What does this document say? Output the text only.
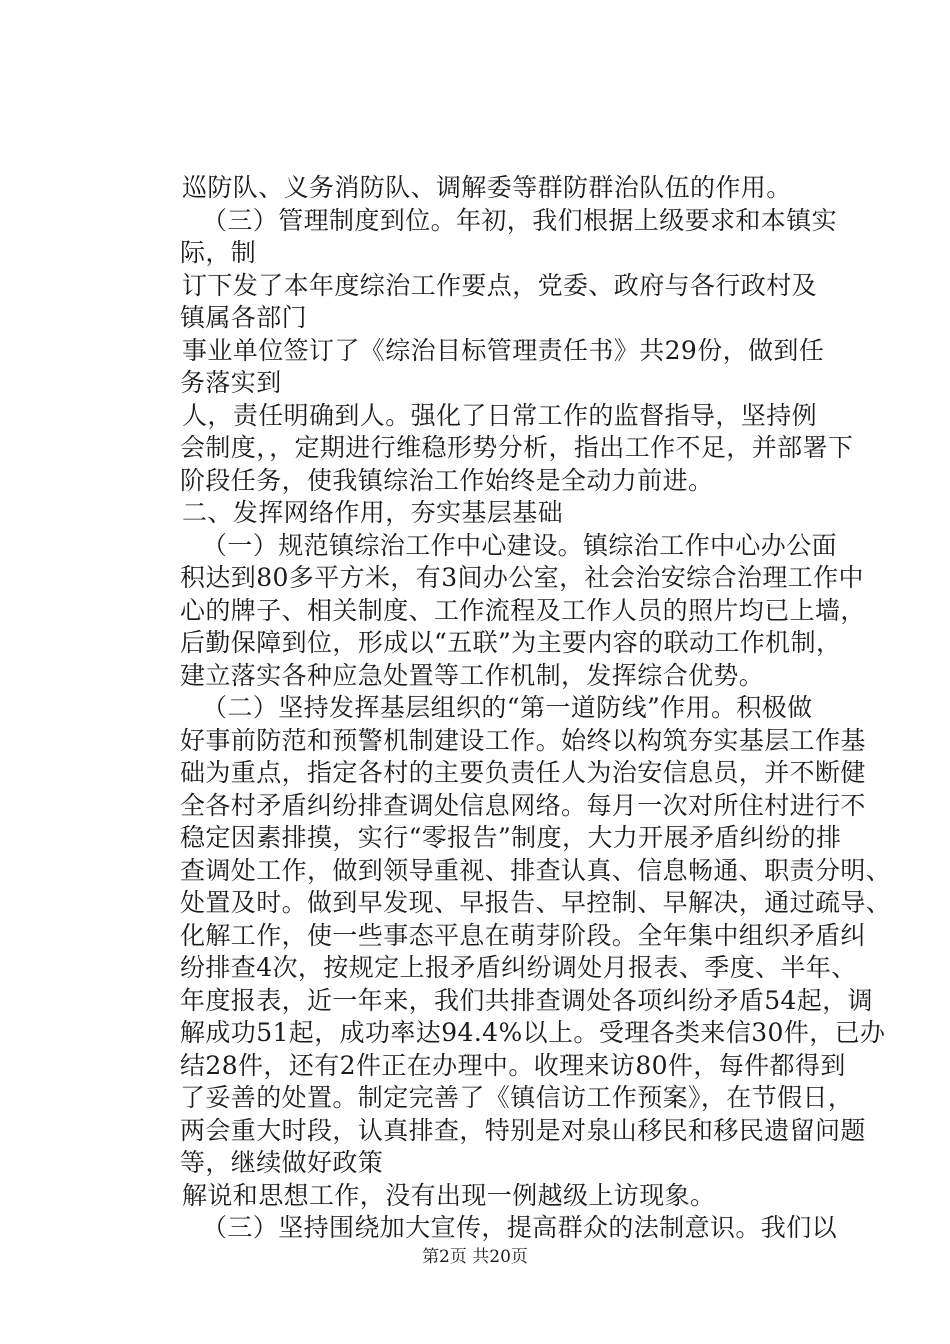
巡防队、义务消防队、调解委等群防群治队伍的作用。
（三）管理制度到位。年初，我们根据上级要求和本镇实
际，制
订下发了本年度综治工作要点，党委、政府与各行政村及
镇属各部门
事业单位签订了《综治目标管理责任书》共29份，做到任
务落实到
人，责任明确到人。强化了日常工作的监督指导，坚持例
会制度，，定期进行维稳形势分析，指出工作不足，并部署下
阶段任务，使我镇综治工作始终是全动力前进。
二、发挥网络作用，夯实基层基础
（一）规范镇综治工作中心建设。镇综治工作中心办公面
积达到80多平方米，有3间办公室，社会治安综合治理工作中
心的牌子、相关制度、工作流程及工作人员的照片均已上墙，
后勤保障到位，形成以“五联”为主要内容的联动工作机制，
建立落实各种应急处置等工作机制，发挥综合优势。
（二）坚持发挥基层组织的“第一道防线”作用。积极做
好事前防范和预警机制建设工作。始终以构筑夯实基层工作基
础为重点，指定各村的主要负责任人为治安信息员，并不断健
全各村矛盾纠纷排查调处信息网络。每月一次对所住村进行不
稳定因素排摸，实行“零报告”制度，大力开展矛盾纠纷的排
查调处工作，做到领导重视、排查认真、信息畅通、职责分明、
处置及时。做到早发现、早报告、早控制、早解决，通过疏导、
化解工作，使一些事态平息在萌芽阶段。全年集中组织矛盾纠
纷排查4次，按规定上报矛盾纠纷调处月报表、季度、半年、
年度报表，近一年来，我们共排查调处各项纠纷矛盾54起，调
解成功51起，成功率达94.4%以上。受理各类来信30件，已办
结28件，还有2件正在办理中。收理来访80件，每件都得到
了妥善的处置。制定完善了《镇信访工作预案》，在节假日，
两会重大时段，认真排查，特别是对泉山移民和移民遗留问题
等，继续做好政策
解说和思想工作，没有出现一例越级上访现象。
（三）坚持围绕加大宣传，提高群众的法制意识。我们以
第2页 共20页
